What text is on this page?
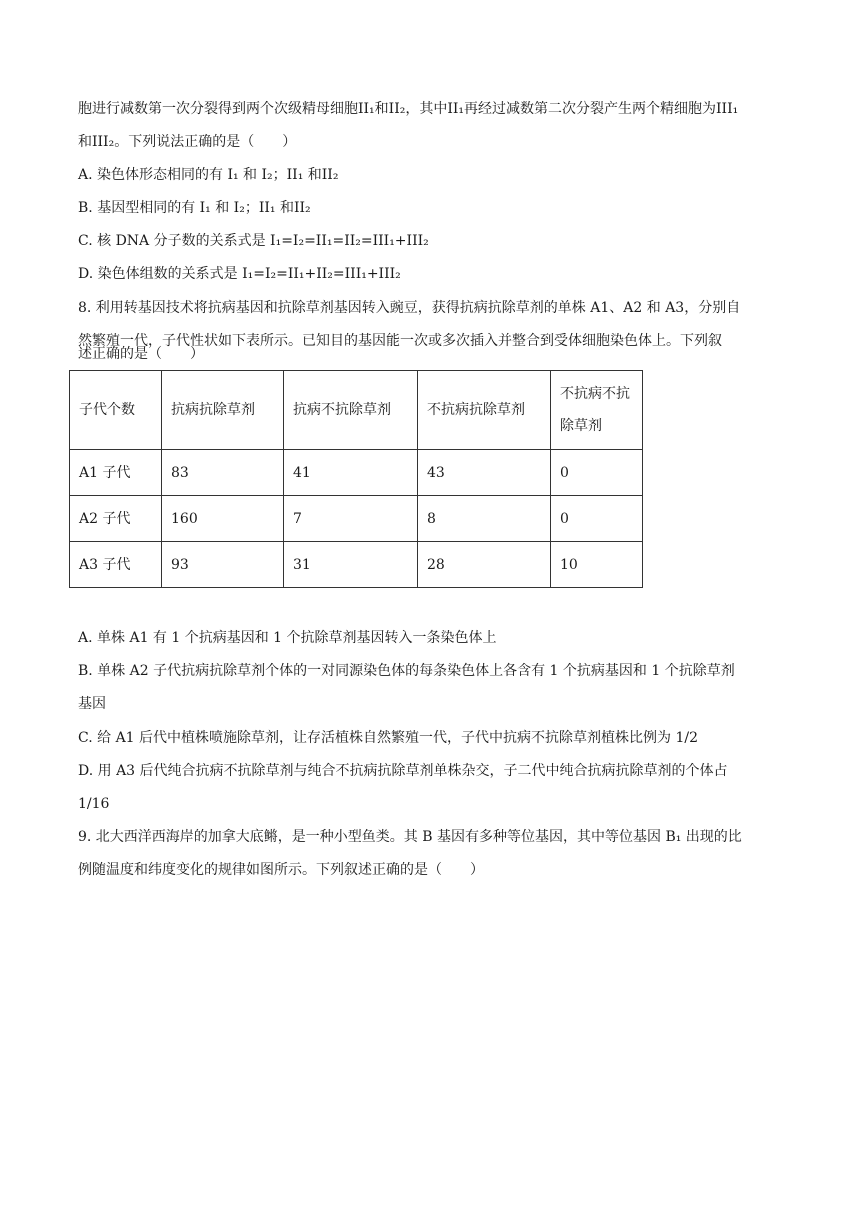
胞进行减数第一次分裂得到两个次级精母细胞II₁和II₂，其中II₁再经过减数第二次分裂产生两个精细胞为III₁
和III₂。下列说法正确的是（　　）
A. 染色体形态相同的有 I₁ 和 I₂；II₁ 和II₂
B. 基因型相同的有 I₁ 和 I₂；II₁ 和II₂
C. 核 DNA 分子数的关系式是 I₁=I₂=II₁=II₂=III₁+III₂
D. 染色体组数的关系式是 I₁=I₂=II₁+II₂=III₁+III₂
8. 利用转基因技术将抗病基因和抗除草剂基因转入豌豆，获得抗病抗除草剂的单株 A1、A2 和 A3，分别自
然繁殖一代，子代性状如下表所示。已知目的基因能一次或多次插入并整合到受体细胞染色体上。下列叙
述正确的是（　　）
子代个数	抗病抗除草剂	抗病不抗除草剂	不抗病抗除草剂	不抗病不抗除草剂
A1 子代	83	41	43	0
A2 子代	160	7	8	0
A3 子代	93	31	28	10
A. 单株 A1 有 1 个抗病基因和 1 个抗除草剂基因转入一条染色体上
B. 单株 A2 子代抗病抗除草剂个体的一对同源染色体的每条染色体上各含有 1 个抗病基因和 1 个抗除草剂
基因
C. 给 A1 后代中植株喷施除草剂，让存活植株自然繁殖一代，子代中抗病不抗除草剂植株比例为 1/2
D. 用 A3 后代纯合抗病不抗除草剂与纯合不抗病抗除草剂单株杂交，子二代中纯合抗病抗除草剂的个体占
1/16
9. 北大西洋西海岸的加拿大底鳉，是一种小型鱼类。其 B 基因有多种等位基因，其中等位基因 B₁ 出现的比
例随温度和纬度变化的规律如图所示。下列叙述正确的是（　　）
